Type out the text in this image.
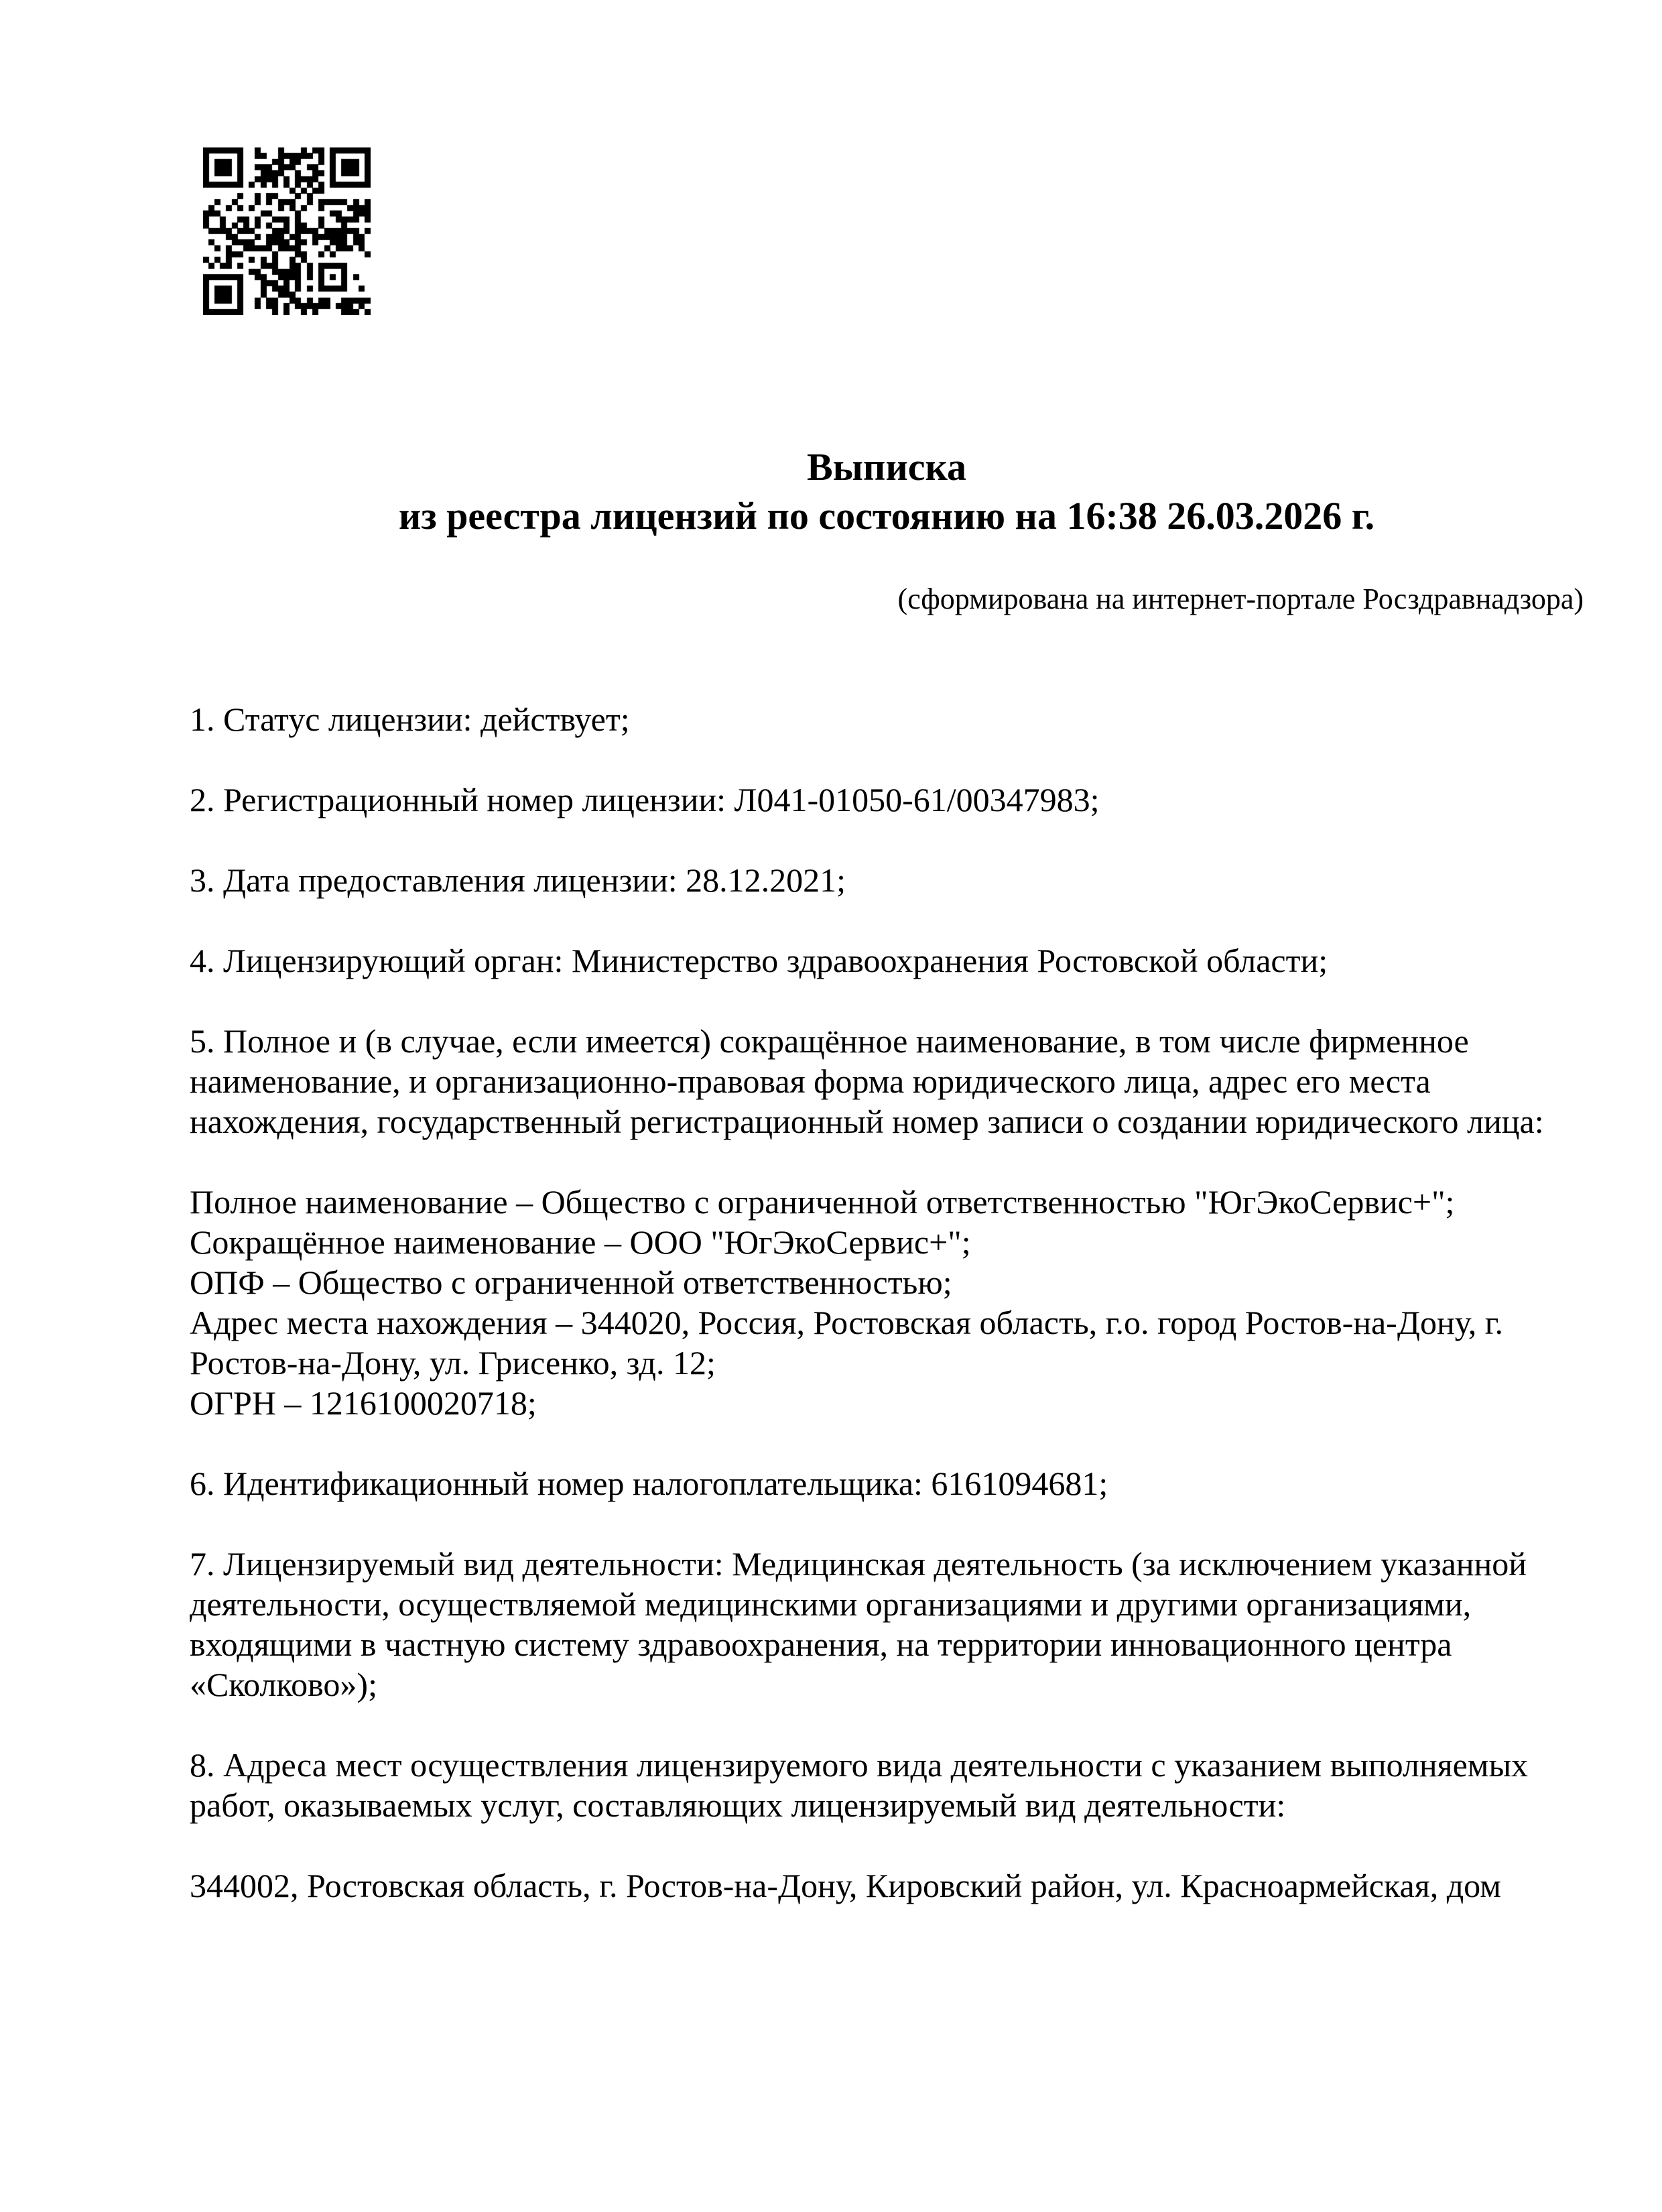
Выписка
из реестра лицензий по состоянию на 16:38 26.03.2026 г.
(сформирована на интернет-портале Росздравнадзора)
1. Статус лицензии: действует;
2. Регистрационный номер лицензии: Л041-01050-61/00347983;
3. Дата предоставления лицензии: 28.12.2021;
4. Лицензирующий орган: Министерство здравоохранения Ростовской области;
5. Полное и (в случае, если имеется) сокращённое наименование, в том числе фирменное
наименование, и организационно-правовая форма юридического лица, адрес его места
нахождения, государственный регистрационный номер записи о создании юридического лица:
Полное наименование – Общество с ограниченной ответственностью "ЮгЭкоСервис+";
Сокращённое наименование – ООО "ЮгЭкоСервис+";
ОПФ – Общество с ограниченной ответственностью;
Адрес места нахождения – 344020, Россия, Ростовская область, г.о. город Ростов-на-Дону, г.
Ростов-на-Дону, ул. Грисенко, зд. 12;
ОГРН – 1216100020718;
6. Идентификационный номер налогоплательщика: 6161094681;
7. Лицензируемый вид деятельности: Медицинская деятельность (за исключением указанной
деятельности, осуществляемой медицинскими организациями и другими организациями,
входящими в частную систему здравоохранения, на территории инновационного центра
«Сколково»);
8. Адреса мест осуществления лицензируемого вида деятельности с указанием выполняемых
работ, оказываемых услуг, составляющих лицензируемый вид деятельности:
344002, Ростовская область, г. Ростов-на-Дону, Кировский район, ул. Красноармейская, дом
